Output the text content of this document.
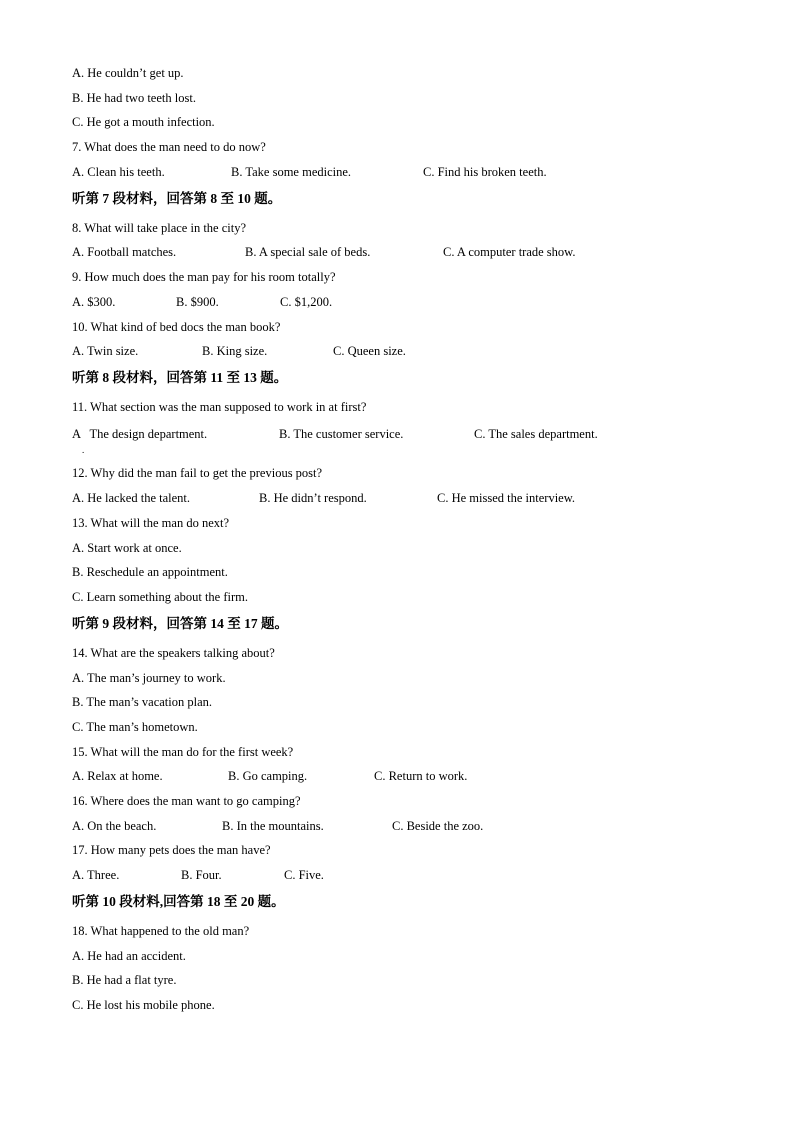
A. He couldn’t get up.
B. He had two teeth lost.
C. He got a mouth infection.
7. What does the man need to do now?
A. Clean his teeth.	B. Take some medicine.	C. Find his broken teeth.
听第 7 段材料，回答第 8 至 10 题。
8. What will take place in the city?
A. Football matches.	B. A special sale of beds.	C. A computer trade show.
9. How much does the man pay for his room totally?
A. $300.	B. $900.	C. $1,200.
10. What kind of bed docs the man book?
A. Twin size.	B. King size.	C. Queen size.
听第 8 段材料，回答第 11 至 13 题。
11. What section was the man supposed to work in at first?
A   The design department.
.
B. The customer service.	C. The sales department.
12. Why did the man fail to get the previous post?
A. He lacked the talent.	B. He didn’t respond.	C. He missed the interview.
13. What will the man do next?
A. Start work at once.
B. Reschedule an appointment.
C. Learn something about the firm.
听第 9 段材料，回答第 14 至 17 题。
14. What are the speakers talking about?
A. The man’s journey to work.
B. The man’s vacation plan.
C. The man’s hometown.
15. What will the man do for the first week?
A. Relax at home.	B. Go camping.	C. Return to work.
16. Where does the man want to go camping?
A. On the beach.	B. In the mountains.	C. Beside the zoo.
17. How many pets does the man have?
A. Three.	B. Four.	C. Five.
听第 10 段材料,回答第 18 至 20 题。
18. What happened to the old man?
A. He had an accident.
B. He had a flat tyre.
C. He lost his mobile phone.
